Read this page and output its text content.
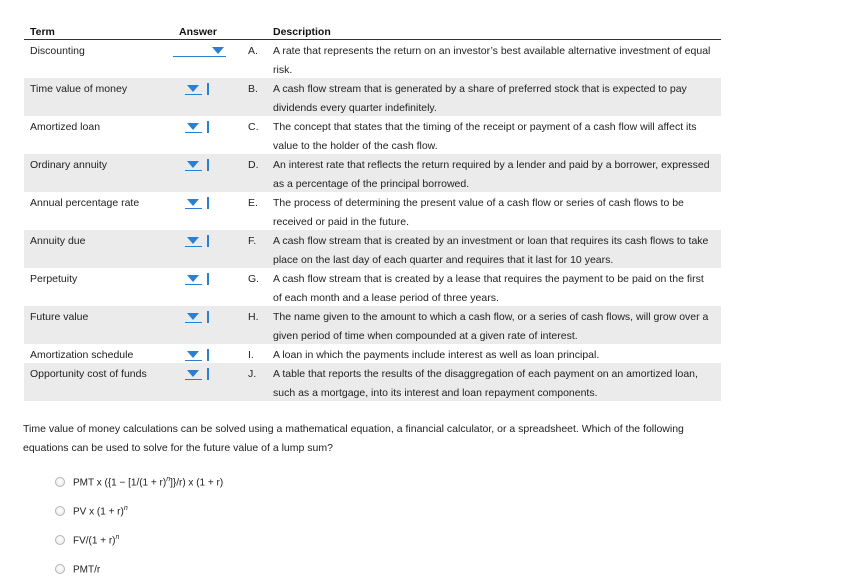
Term	Answer	Description
Discounting	A. A rate that represents the return on an investor’s best available alternative investment of equal risk.
Time value of money	B. A cash flow stream that is generated by a share of preferred stock that is expected to pay dividends every quarter indefinitely.
Amortized loan	C. The concept that states that the timing of the receipt or payment of a cash flow will affect its value to the holder of the cash flow.
Ordinary annuity	D. An interest rate that reflects the return required by a lender and paid by a borrower, expressed as a percentage of the principal borrowed.
Annual percentage rate	E. The process of determining the present value of a cash flow or series of cash flows to be received or paid in the future.
Annuity due	F. A cash flow stream that is created by an investment or loan that requires its cash flows to take place on the last day of each quarter and requires that it last for 10 years.
Perpetuity	G. A cash flow stream that is created by a lease that requires the payment to be paid on the first of each month and a lease period of three years.
Future value	H. The name given to the amount to which a cash flow, or a series of cash flows, will grow over a given period of time when compounded at a given rate of interest.
Amortization schedule	I. A loan in which the payments include interest as well as loan principal.
Opportunity cost of funds	J. A table that reports the results of the disaggregation of each payment on an amortized loan, such as a mortgage, into its interest and loan repayment components.
Time value of money calculations can be solved using a mathematical equation, a financial calculator, or a spreadsheet. Which of the following equations can be used to solve for the future value of a lump sum?
PMT x $(\{1 - [1/(1 + r)^n]\}/r)$ x (1 + r)
PV x $(1 + r)^n$
$FV/(1 + r)^n$
PMT/r
